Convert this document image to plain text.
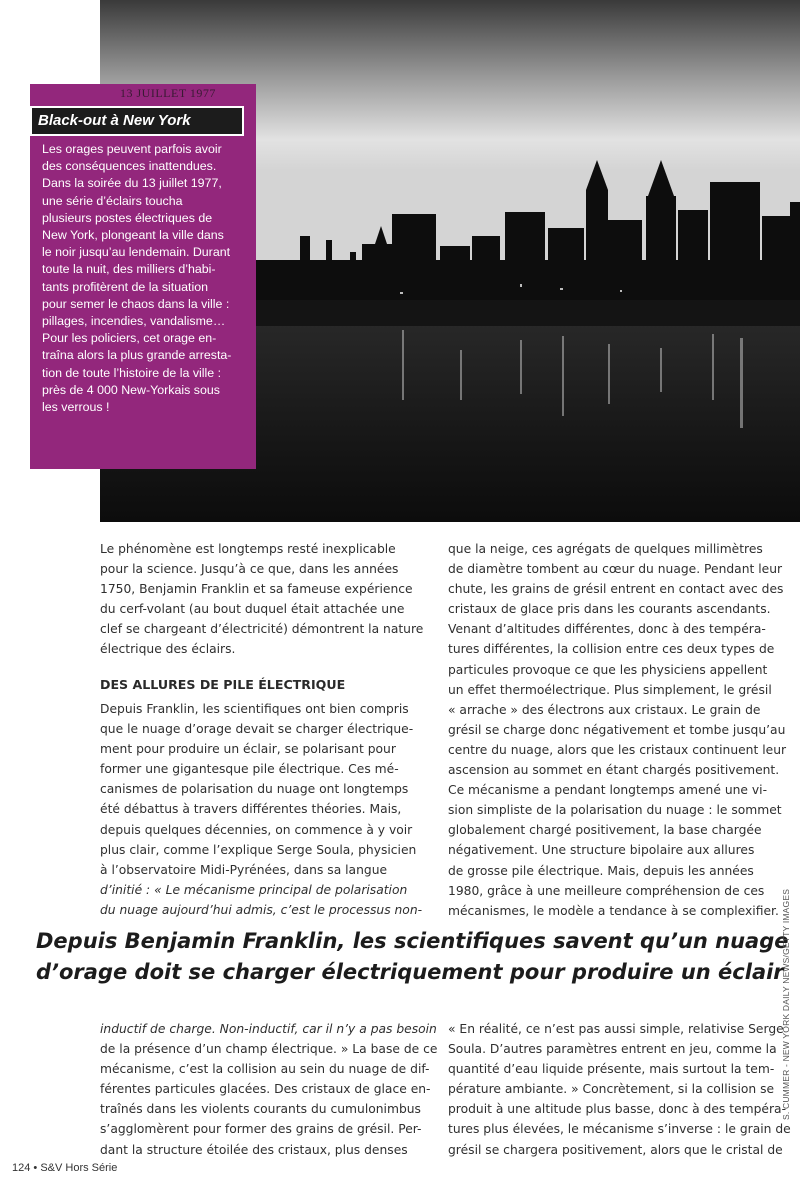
13 JUILLET 1977
Black-out à New York
Les orages peuvent parfois avoir
des conséquences inattendues.
Dans la soirée du 13 juillet 1977,
une série d’éclairs toucha
plusieurs postes électriques de
New York, plongeant la ville dans
le noir jusqu’au lendemain. Durant
toute la nuit, des milliers d’habi-
tants profitèrent de la situation
pour semer le chaos dans la ville :
pillages, incendies, vandalisme…
Pour les policiers, cet orage en-
traîna alors la plus grande arresta-
tion de toute l’histoire de la ville :
près de 4 000 New-Yorkais sous
les verrous !
Le phénomène est longtemps resté inexplicable
pour la science. Jusqu’à ce que, dans les années
1750, Benjamin Franklin et sa fameuse expérience
du cerf-volant (au bout duquel était attachée une
clef se chargeant d’électricité) démontrent la nature
électrique des éclairs.
DES ALLURES DE PILE ÉLECTRIQUE
Depuis Franklin, les scientifiques ont bien compris
que le nuage d’orage devait se charger électrique-
ment pour produire un éclair, se polarisant pour
former une gigantesque pile électrique. Ces mé-
canismes de polarisation du nuage ont longtemps
été débattus à travers différentes théories. Mais,
depuis quelques décennies, on commence à y voir
plus clair, comme l’explique Serge Soula, physicien
à l’observatoire Midi-Pyrénées, dans sa langue
d’initié : « Le mécanisme principal de polarisation
du nuage aujourd’hui admis, c’est le processus non-
que la neige, ces agrégats de quelques millimètres
de diamètre tombent au cœur du nuage. Pendant leur
chute, les grains de grésil entrent en contact avec des
cristaux de glace pris dans les courants ascendants.
Venant d’altitudes différentes, donc à des tempéra-
tures différentes, la collision entre ces deux types de
particules provoque ce que les physiciens appellent
un effet thermoélectrique. Plus simplement, le grésil
« arrache » des électrons aux cristaux. Le grain de
grésil se charge donc négativement et tombe jusqu’au
centre du nuage, alors que les cristaux continuent leur
ascension au sommet en étant chargés positivement.
Ce mécanisme a pendant longtemps amené une vi-
sion simpliste de la polarisation du nuage : le sommet
globalement chargé positivement, la base chargée
négativement. Une structure bipolaire aux allures
de grosse pile électrique. Mais, depuis les années
1980, grâce à une meilleure compréhension de ces
mécanismes, le modèle a tendance à se complexifier.
Depuis Benjamin Franklin, les scientifiques savent qu’un nuage
d’orage doit se charger électriquement pour produire un éclair
inductif de charge. Non-inductif, car il n’y a pas besoin
de la présence d’un champ électrique. » La base de ce
mécanisme, c’est la collision au sein du nuage de dif-
férentes particules glacées. Des cristaux de glace en-
traînés dans les violents courants du cumulonimbus
s’agglomèrent pour former des grains de grésil. Per-
dant la structure étoilée des cristaux, plus denses
« En réalité, ce n’est pas aussi simple, relativise Serge
Soula. D’autres paramètres entrent en jeu, comme la
quantité d’eau liquide présente, mais surtout la tem-
pérature ambiante. » Concrètement, si la collision se
produit à une altitude plus basse, donc à des tempéra-
tures plus élevées, le mécanisme s’inverse : le grain de
grésil se chargera positivement, alors que le cristal de
S. CUMMER - NEW YORK DAILY NEWS/GETTY IMAGES
124 • S&V Hors Série
